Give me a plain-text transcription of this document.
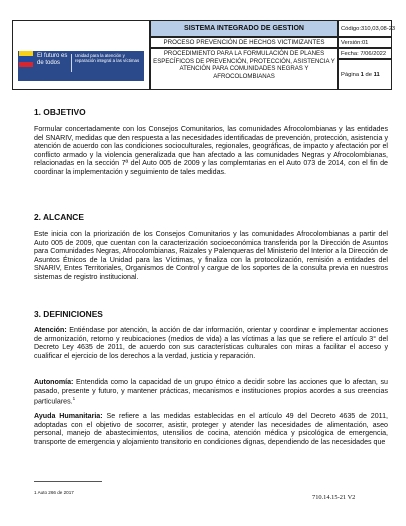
El futuro es de todos
Unidad para la atención y reparación integral a las víctimas
SISTEMA INTEGRADO DE GESTION	Código:310,03,08-23
PROCESO PREVENCIÓN DE HECHOS VICTIMIZANTES	Versión:01
Fecha: 7/06/2022
PROCEDIMIENTO PARA LA FORMULACIÓN DE PLANES ESPECÍFICOS DE PREVENCIÓN, PROTECCIÓN, ASISTENCIA Y ATENCIÓN PARA COMUNIDADES NEGRAS Y AFROCOLOMBIANAS	Página 1 de 11
1. OBJETIVO

Formular concertadamente con los Consejos Comunitarios, las comunidades Afrocolombianas y las entidades del SNARIV, medidas que den respuesta a las necesidades identificadas de prevención, protección, asistencia y atención de acuerdo con las condiciones socioculturales, regionales, geográficas, de impacto y afectación por el conflicto armado y la violencia generalizada que han afectado a las comunidades Negras y Afrocolombianas, relacionadas en la sección 7ª del Auto 005 de 2009 y las complemtarias en el Auto 073 de 2014, con el fin de coordinar la implementación y seguimiento de tales medidas.

2. ALCANCE

Este inicia con la priorización de los Consejos Comunitarios y las comunidades Afrocolombianas a partir del Auto 005 de 2009, que cuentan con la caracterización socioeconómica transferida por la Dirección de Asuntos para Comunidades Negras, Afrocolombianas, Raizales y Palenqueras del Ministerio del Interior a la Dirección de Asuntos Étnicos de la Unidad para las Víctimas, y finaliza con la protocolización, remisión a entidades del SNARIV, Entes Territoriales, Organismos de Control y cargue de los soportes de la consulta previa en nuestros sistemas de registro institucional.

3. DEFINICIONES

Atención: Entiéndase por atención, la acción de dar información, orientar y coordinar e implementar acciones de armonización, retorno y reubicaciones (medios de vida) a las víctimas a las que se refiere el artículo 3° del Decreto Ley 4635 de 2011, de acuerdo con sus características culturales con miras a facilitar el acceso y cualificar el ejercicio de los derechos a la verdad, justicia y reparación.

Autonomía: Entendida como la capacidad de un grupo étnico a decidir sobre las acciones que lo afectan, su pasado, presente y futuro, y mantener prácticas, mecanismos e instituciones propios acordes a sus creencias particulares.$^1$

Ayuda Humanitaria: Se refiere a las medidas establecidas en el artículo 49 del Decreto 4635 de 2011, adoptadas con el objetivo de socorrer, asistir, proteger y atender las necesidades de alimentación, aseo personal, manejo de abastecimientos, utensilios de cocina, atención médica y psicológica de emergencia, transporte de emergencia y alojamiento transitorio en condiciones dignas, dependiendo de las necesidades que

1 Auto 266 de 2017
710.14.15-21 V2
